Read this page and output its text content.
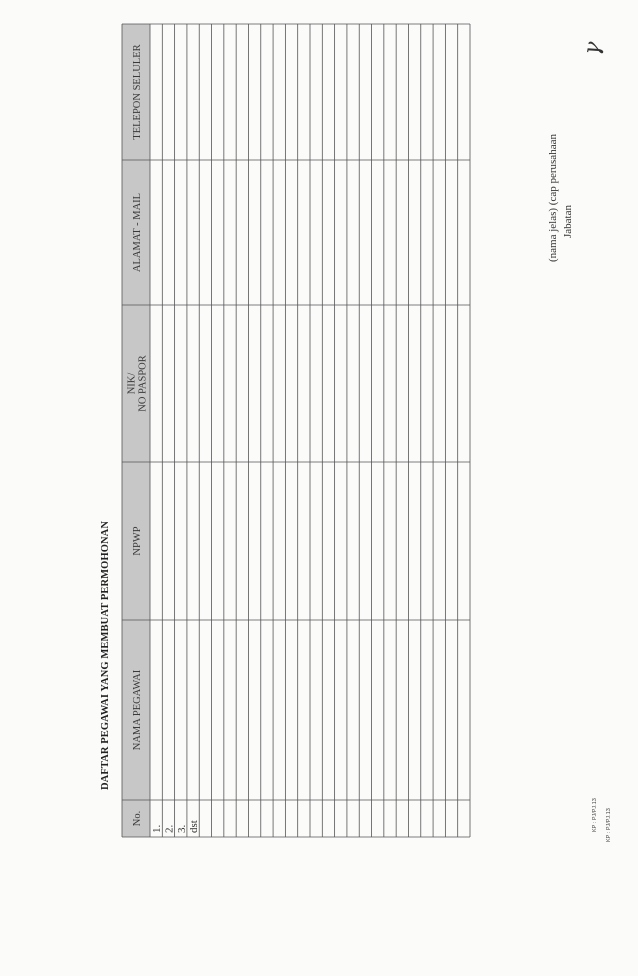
DAFTAR PEGAWAI YANG MEMBUAT PERMOHONAN
No.
NAMA PEGAWAI
NPWP
NIK/ NO PASPOR
ALAMAT - MAIL
TELEPON SELULER
1. 2. 3. dst
(nama jelas) (cap perusahaan Jabatan
γ
KP : PJ/PJ.13 KP : PJ/PJ.13
